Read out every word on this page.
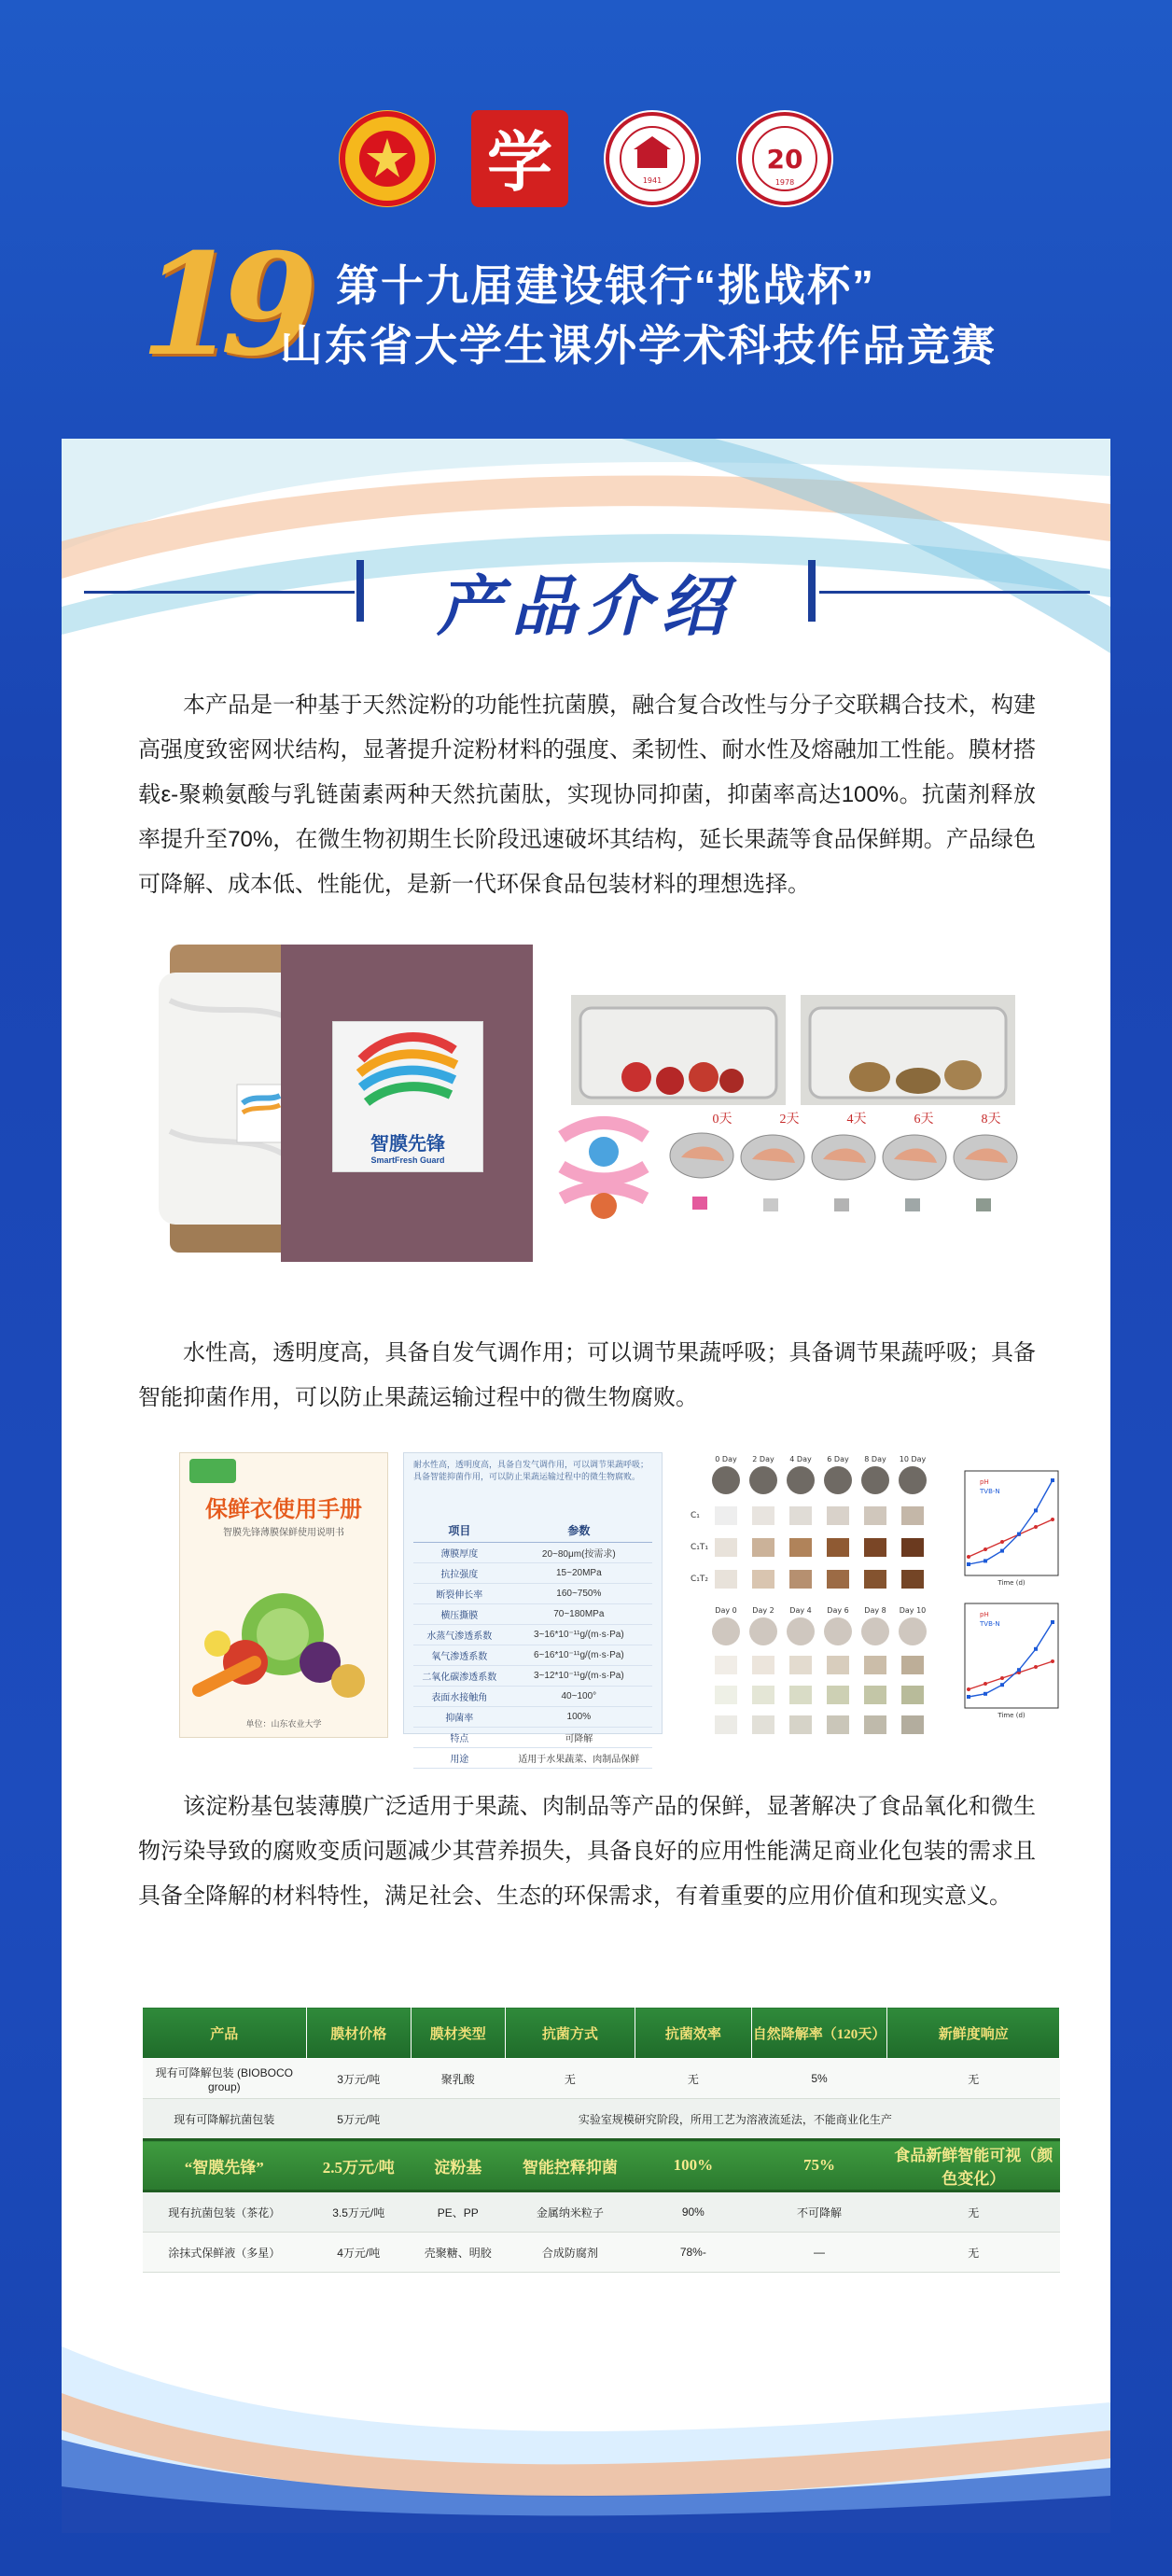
学	1941
20
1978
19 第十九届建设银行“挑战杯”
山东省大学生课外学术科技作品竞赛
产品介绍

本产品是一种基于天然淀粉的功能性抗菌膜，融合复合改性与分子交联耦合技术，构建高强度致密网状结构，显著提升淀粉材料的强度、柔韧性、耐水性及熔融加工性能。膜材搭载ε-聚赖氨酸与乳链菌素两种天然抗菌肽，实现协同抑菌，抑菌率高达100%。抗菌剂释放率提升至70%，在微生物初期生长阶段迅速破坏其结构，延长果蔬等食品保鲜期。产品绿色可降解、成本低、性能优，是新一代环保食品包装材料的理想选择。

智膜先锋
SmartFresh Guard
0天	2天	4天	6天	8天

水性高，透明度高，具备自发气调作用；可以调节果蔬呼吸；具备调节果蔬呼吸；具备智能抑菌作用，可以防止果蔬运输过程中的微生物腐败。

保鲜衣使用手册
智膜先锋薄膜保鲜使用说明书
单位：山东农业大学
耐水性高，透明度高，具备自发气调作用，可以调节果蔬呼吸；具备智能抑菌作用，可以防止果蔬运输过程中的微生物腐败。
项目	参数
薄膜厚度	20~80μm(按需求)
抗拉强度	15~20MPa
断裂伸长率	160~750%
横压撕膜	70~180MPa
水蒸气渗透系数	3~16*10⁻¹¹g/(m·s·Pa)
氧气渗透系数	6~16*10⁻¹¹g/(m·s·Pa)
二氧化碳渗透系数	3~12*10⁻¹¹g/(m·s·Pa)
表面水接触角	40~100°
抑菌率	100%
特点	可降解
用途	适用于水果蔬菜、肉制品保鲜
0 Day 2 Day 4 Day 6 Day 8 Day 10 Day
C₁
C₁T₁
C₁T₂
Day 0 Day 2 Day 4 Day 6 Day 8 Day 10
pH
TVB-N
Time (d)
pH
TVB-N
Time (d)

该淀粉基包装薄膜广泛适用于果蔬、肉制品等产品的保鲜，显著解决了食品氧化和微生物污染导致的腐败变质问题减少其营养损失，具备良好的应用性能满足商业化包装的需求且具备全降解的材料特性，满足社会、生态的环保需求，有着重要的应用价值和现实意义。

产品	膜材价格	膜材类型	抗菌方式	抗菌效率	自然降解率（120天）	新鲜度响应
现有可降解包装 (BIOBOCO group)	3万元/吨	聚乳酸	无	无	5%	无
现有可降解抗菌包装	5万元/吨	实验室规模研究阶段，所用工艺为溶液流延法，不能商业化生产				
“智膜先锋”	2.5万元/吨	淀粉基	智能控释抑菌	100%	75%	食品新鲜智能可视（颜色变化）
现有抗菌包装（茶花）	3.5万元/吨	PE、PP	金属纳米粒子	90%	不可降解	无
涂抹式保鲜液（多星）	4万元/吨	壳聚糖、明胶	合成防腐剂	78%-	—	无
